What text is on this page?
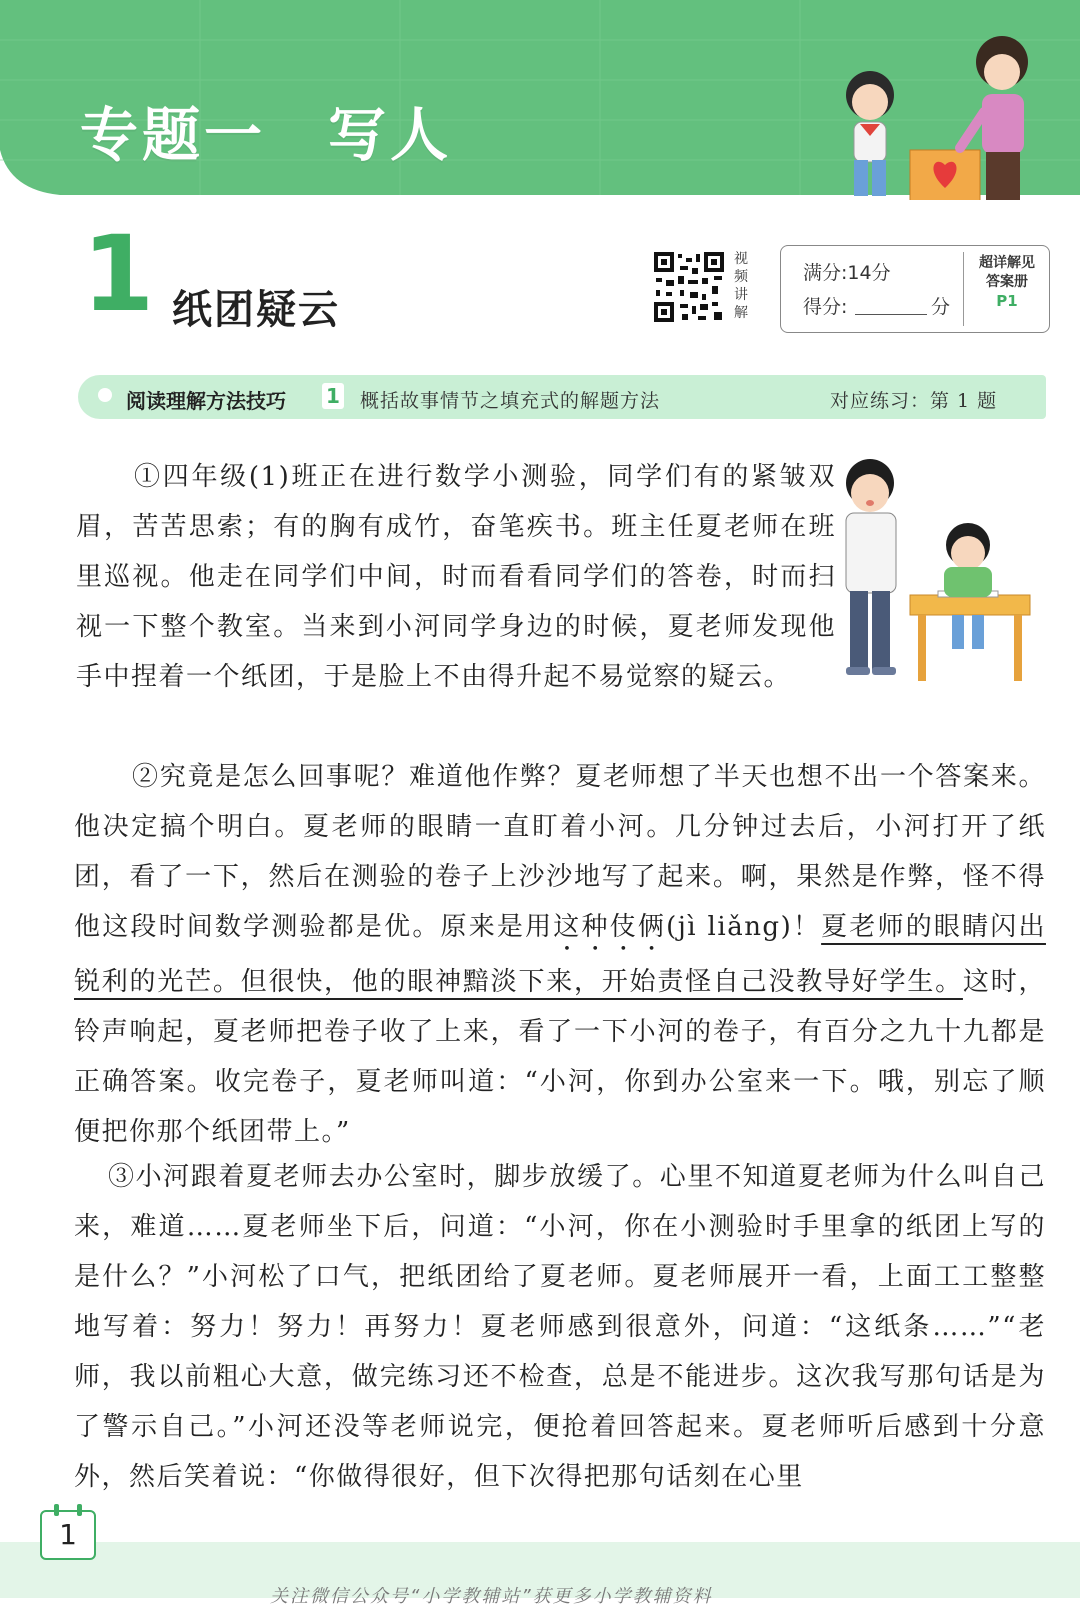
专题一　写人
1 纸团疑云
视频讲解
满分:14分
得分:	分
超详解见
答案册
P1
阅读理解方法技巧 1 概括故事情节之填充式的解题方法	对应练习：第 1 题

①四年级(1)班正在进行数学小测验，同学们有的紧皱双眉，苦苦思索；有的胸有成竹，奋笔疾书。班主任夏老师在班里巡视。他走在同学们中间，时而看看同学们的答卷，时而扫视一下整个教室。当来到小河同学身边的时候，夏老师发现他手中捏着一个纸团，于是脸上不由得升起不易觉察的疑云。

②究竟是怎么回事呢？难道他作弊？夏老师想了半天也想不出一个答案来。他决定搞个明白。夏老师的眼睛一直盯着小河。几分钟过去后，小河打开了纸团，看了一下，然后在测验的卷子上沙沙地写了起来。啊，果然是作弊，怪不得他这段时间数学测验都是优。原来是用这种伎俩(jì liǎng)！夏老师的眼睛闪出锐利的光芒。但很快，他的眼神黯淡下来，开始责怪自己没教导好学生。这时，铃声响起，夏老师把卷子收了上来，看了一下小河的卷子，有百分之九十九都是正确答案。收完卷子，夏老师叫道：“小河，你到办公室来一下。哦，别忘了顺便把你那个纸团带上。”

③小河跟着夏老师去办公室时，脚步放缓了。心里不知道夏老师为什么叫自己来，难道……夏老师坐下后，问道：“小河，你在小测验时手里拿的纸团上写的是什么？”小河松了口气，把纸团给了夏老师。夏老师展开一看，上面工工整整地写着：努力！努力！再努力！夏老师感到很意外，问道：“这纸条……”“老师，我以前粗心大意，做完练习还不检查，总是不能进步。这次我写那句话是为了警示自己。”小河还没等老师说完，便抢着回答起来。夏老师听后感到十分意外，然后笑着说：“你做得很好，但下次得把那句话刻在心里

1
关注微信公众号“小学教辅站”获更多小学教辅资料
